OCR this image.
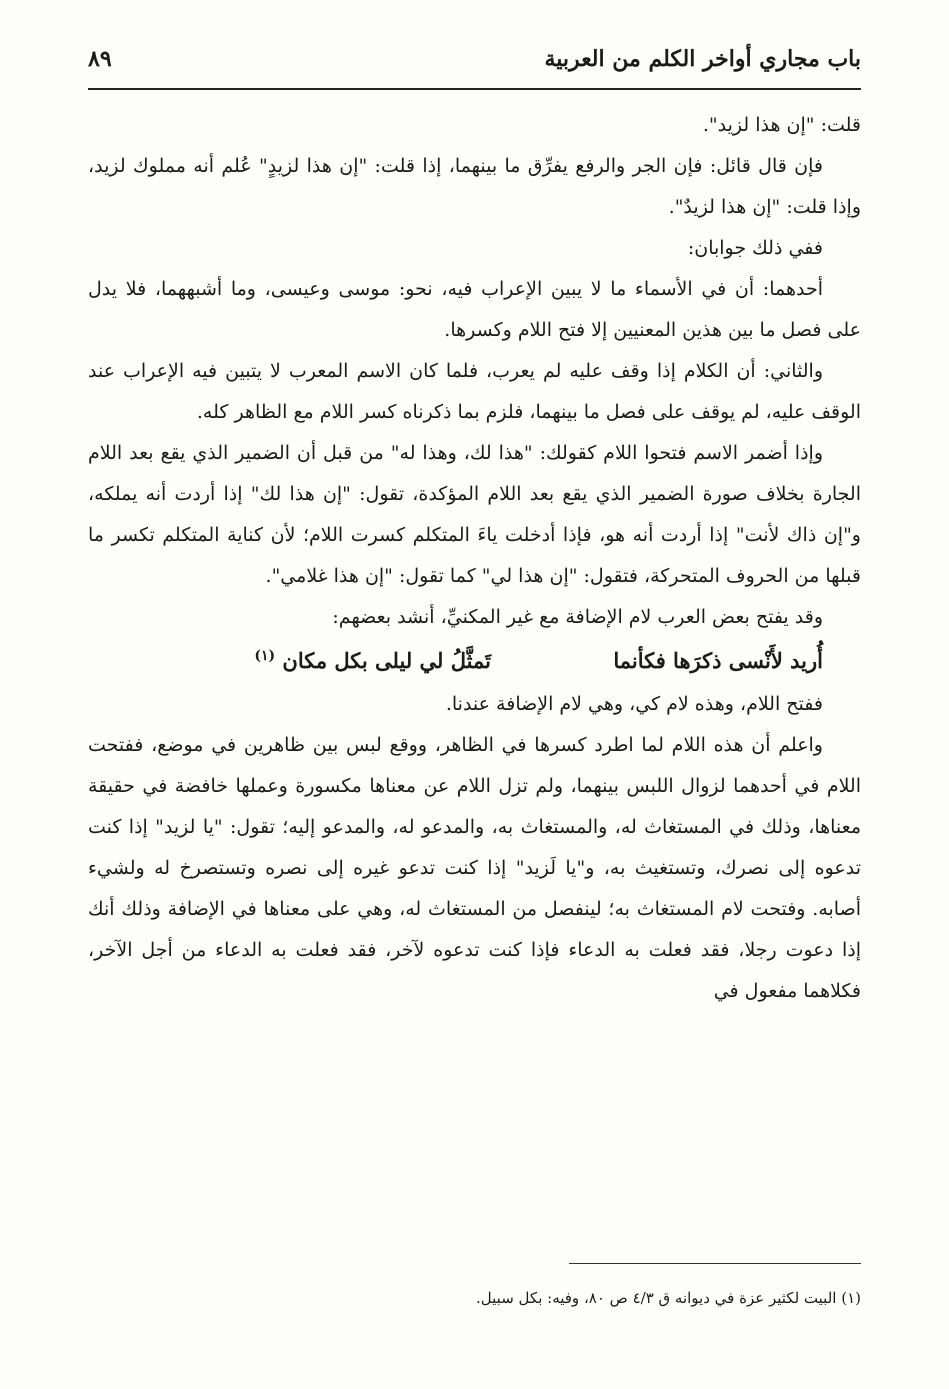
باب مجاري أواخر الكلم من العربية
٨٩

قلت: "إن هذا لزيد".

فإن قال قائل: فإن الجر والرفع يفرِّق ما بينهما، إذا قلت: "إن هذا لزيدٍ" عُلم أنه مملوك لزيد، وإذا قلت: "إن هذا لزيدٌ".

ففي ذلك جوابان:

أحدهما: أن في الأسماء ما لا يبين الإعراب فيه، نحو: موسى وعيسى، وما أشبههما، فلا يدل على فصل ما بين هذين المعنيين إلا فتح اللام وكسرها.

والثاني: أن الكلام إذا وقف عليه لم يعرب، فلما كان الاسم المعرب لا يتبين فيه الإعراب عند الوقف عليه، لم يوقف على فصل ما بينهما، فلزم بما ذكرناه كسر اللام مع الظاهر كله.

وإذا أضمر الاسم فتحوا اللام كقولك: "هذا لك، وهذا له" من قبل أن الضمير الذي يقع بعد اللام الجارة بخلاف صورة الضمير الذي يقع بعد اللام المؤكدة، تقول: "إن هذا لك" إذا أردت أنه يملكه، و"إن ذاك لأنت" إذا أردت أنه هو، فإذا أدخلت ياءَ المتكلم كسرت اللام؛ لأن كناية المتكلم تكسر ما قبلها من الحروف المتحركة، فتقول: "إن هذا لي" كما تقول: "إن هذا غلامي".

وقد يفتح بعض العرب لام الإضافة مع غير المكنيِّ، أنشد بعضهم:

أُريد لأَنْسى ذكرَها فكأنما
تَمثَّلُ لي ليلى بكل مكان $^{(١)}$

ففتح اللام، وهذه لام كي، وهي لام الإضافة عندنا.

واعلم أن هذه اللام لما اطرد كسرها في الظاهر، ووقع لبس بين ظاهرين في موضع، ففتحت اللام في أحدهما لزوال اللبس بينهما، ولم تزل اللام عن معناها مكسورة وعملها خافضة في حقيقة معناها، وذلك في المستغاث له، والمستغاث به، والمدعو له، والمدعو إليه؛ تقول: "يا لزيد" إذا كنت تدعوه إلى نصرك، وتستغيث به، و"يا لَزيد" إذا كنت تدعو غيره إلى نصره وتستصرخ له ولشيء أصابه. وفتحت لام المستغاث به؛ لينفصل من المستغاث له، وهي على معناها في الإضافة وذلك أنك إذا دعوت رجلا، فقد فعلت به الدعاء فإذا كنت تدعوه لآخر، فقد فعلت به الدعاء من أجل الآخر، فكلاهما مفعول في

(١) البيت لكثير عزة في ديوانه ق ٤/٣ ص ٨٠، وفيه: بكل سبيل.
